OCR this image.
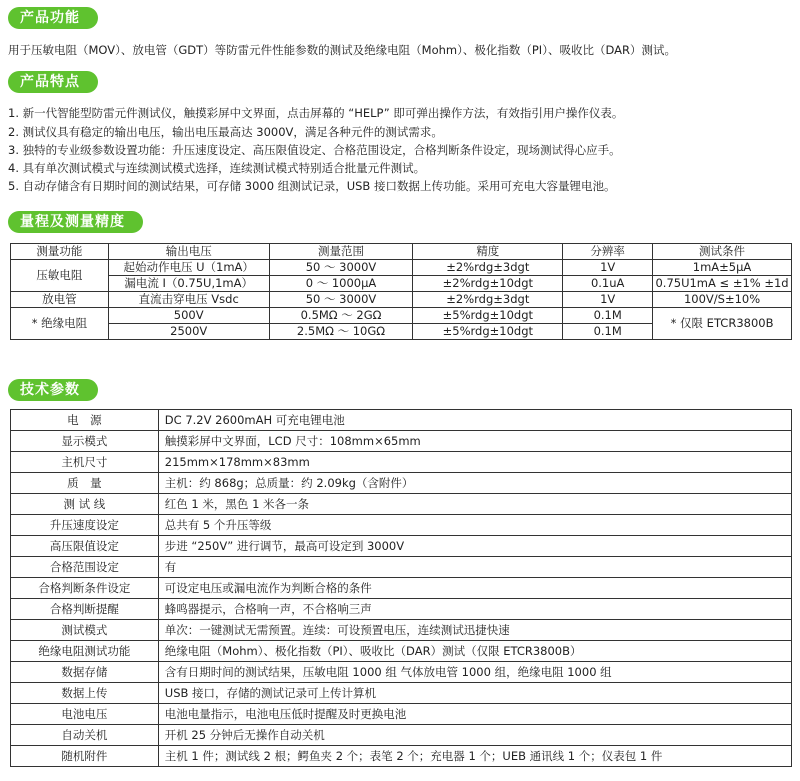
产品功能
用于压敏电阻（MOV）、放电管（GDT）等防雷元件性能参数的测试及绝缘电阻（Mohm）、极化指数（PI）、吸收比（DAR）测试。
产品特点
1. 新一代智能型防雷元件测试仪，触摸彩屏中文界面，点击屏幕的 “HELP” 即可弹出操作方法，有效指引用户操作仪表。
2. 测试仪具有稳定的输出电压，输出电压最高达 3000V，满足各种元件的测试需求。
3. 独特的专业级参数设置功能：升压速度设定、高压限值设定、合格范围设定，合格判断条件设定，现场测试得心应手。
4. 具有单次测试模式与连续测试模式选择，连续测试模式特别适合批量元件测试。
5. 自动存储含有日期时间的测试结果，可存储 3000 组测试记录，USB 接口数据上传功能。采用可充电大容量锂电池。
量程及测量精度
测量功能	输出电压	测量范围	精度	分辨率	测试条件
压敏电阻	起始动作电压 U（1mA）	50 ～ 3000V	±2%rdg±3dgt	1V	1mA±5μA
	漏电流 I（0.75U,1mA）	0 ～ 1000μA	±2%rdg±10dgt	0.1uA	0.75U1mA ≤ ±1% ±1d
放电管	直流击穿电压 Vsdc	50 ～ 3000V	±2%rdg±3dgt	1V	100V/S±10%
* 绝缘电阻	500V	0.5MΩ ～ 2GΩ	±5%rdg±10dgt	0.1M	* 仅限 ETCR3800B
	2500V	2.5MΩ ～ 10GΩ	±5%rdg±10dgt	0.1M	
技术参数
电　源	DC 7.2V 2600mAH 可充电锂电池
显示模式	触摸彩屏中文界面，LCD 尺寸：108mm×65mm
主机尺寸	215mm×178mm×83mm
质　量	主机：约 868g；总质量：约 2.09kg（含附件）
测 试 线	红色 1 米，黑色 1 米各一条
升压速度设定	总共有 5 个升压等级
高压限值设定	步进 “250V” 进行调节，最高可设定到 3000V
合格范围设定	有
合格判断条件设定	可设定电压或漏电流作为判断合格的条件
合格判断提醒	蜂鸣器提示，合格响一声，不合格响三声
测试模式	单次：一键测试无需预置。连续：可设预置电压，连续测试迅捷快速
绝缘电阻测试功能	绝缘电阻（Mohm）、极化指数（PI）、吸收比（DAR）测试（仅限 ETCR3800B）
数据存储	含有日期时间的测试结果，压敏电阻 1000 组 气体放电管 1000 组，绝缘电阻 1000 组
数据上传	USB 接口，存储的测试记录可上传计算机
电池电压	电池电量指示，电池电压低时提醒及时更换电池
自动关机	开机 25 分钟后无操作自动关机
随机附件	主机 1 件；测试线 2 根；鳄鱼夹 2 个；表笔 2 个；充电器 1 个；UEB 通讯线 1 个；仪表包 1 件
